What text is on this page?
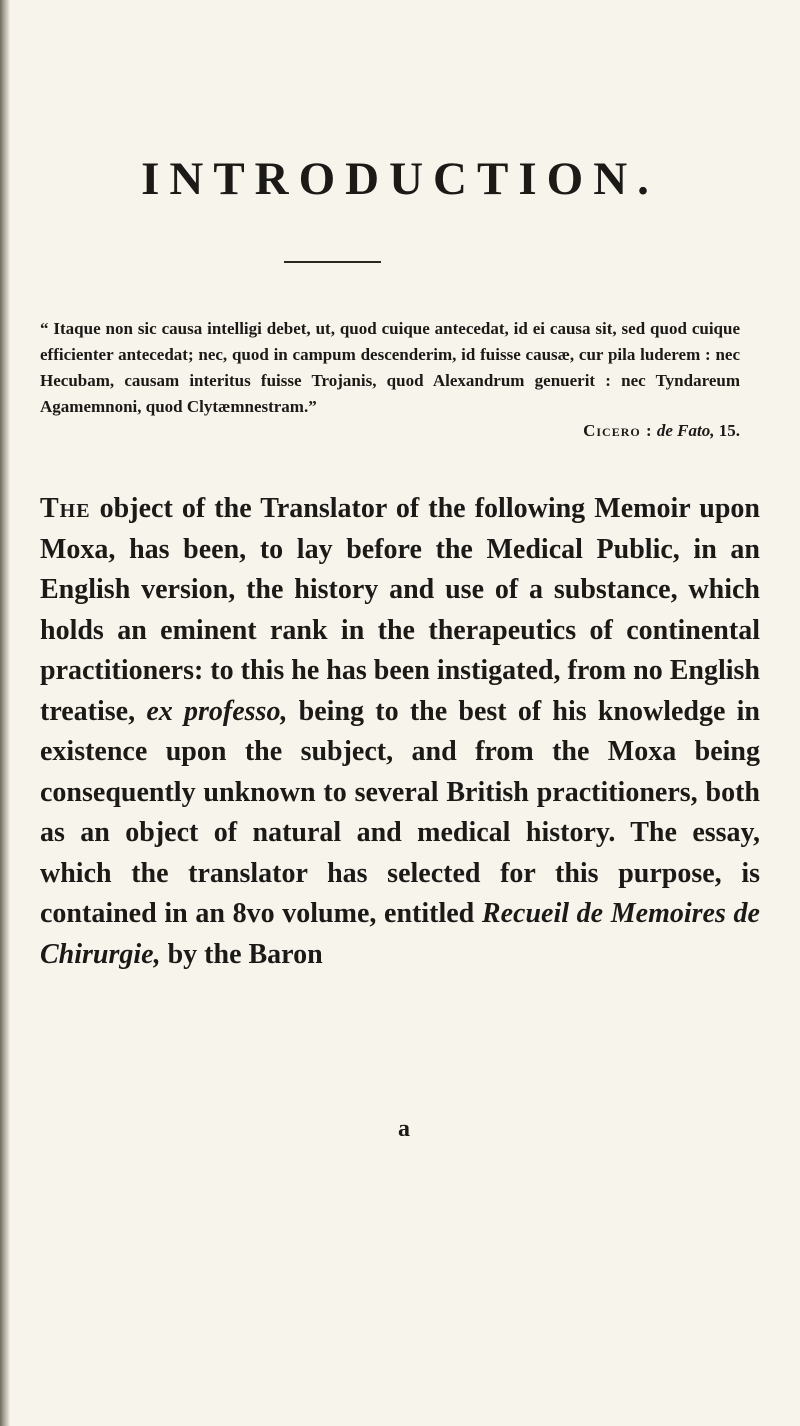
INTRODUCTION.

“ Itaque non sic causa intelligi debet, ut, quod cuique antecedat, id ei causa sit, sed quod cuique efficienter antecedat; nec, quod in campum descenderim, id fuisse causæ, cur pila luderem : nec Hecubam, causam interitus fuisse Trojanis, quod Alexandrum genuerit : nec Tyndareum Agamemnoni, quod Clytæmnestram.”

Cicero : de Fato, 15.

The object of the Translator of the following Memoir upon Moxa, has been, to lay before the Medical Public, in an English version, the history and use of a substance, which holds an eminent rank in the therapeutics of continental practitioners: to this he has been instigated, from no English treatise, ex professo, being to the best of his knowledge in existence upon the subject, and from the Moxa being consequently unknown to several British practitioners, both as an object of natural and medical history. The essay, which the translator has selected for this purpose, is contained in an 8vo volume, entitled Recueil de Memoires de Chirurgie, by the Baron

a
